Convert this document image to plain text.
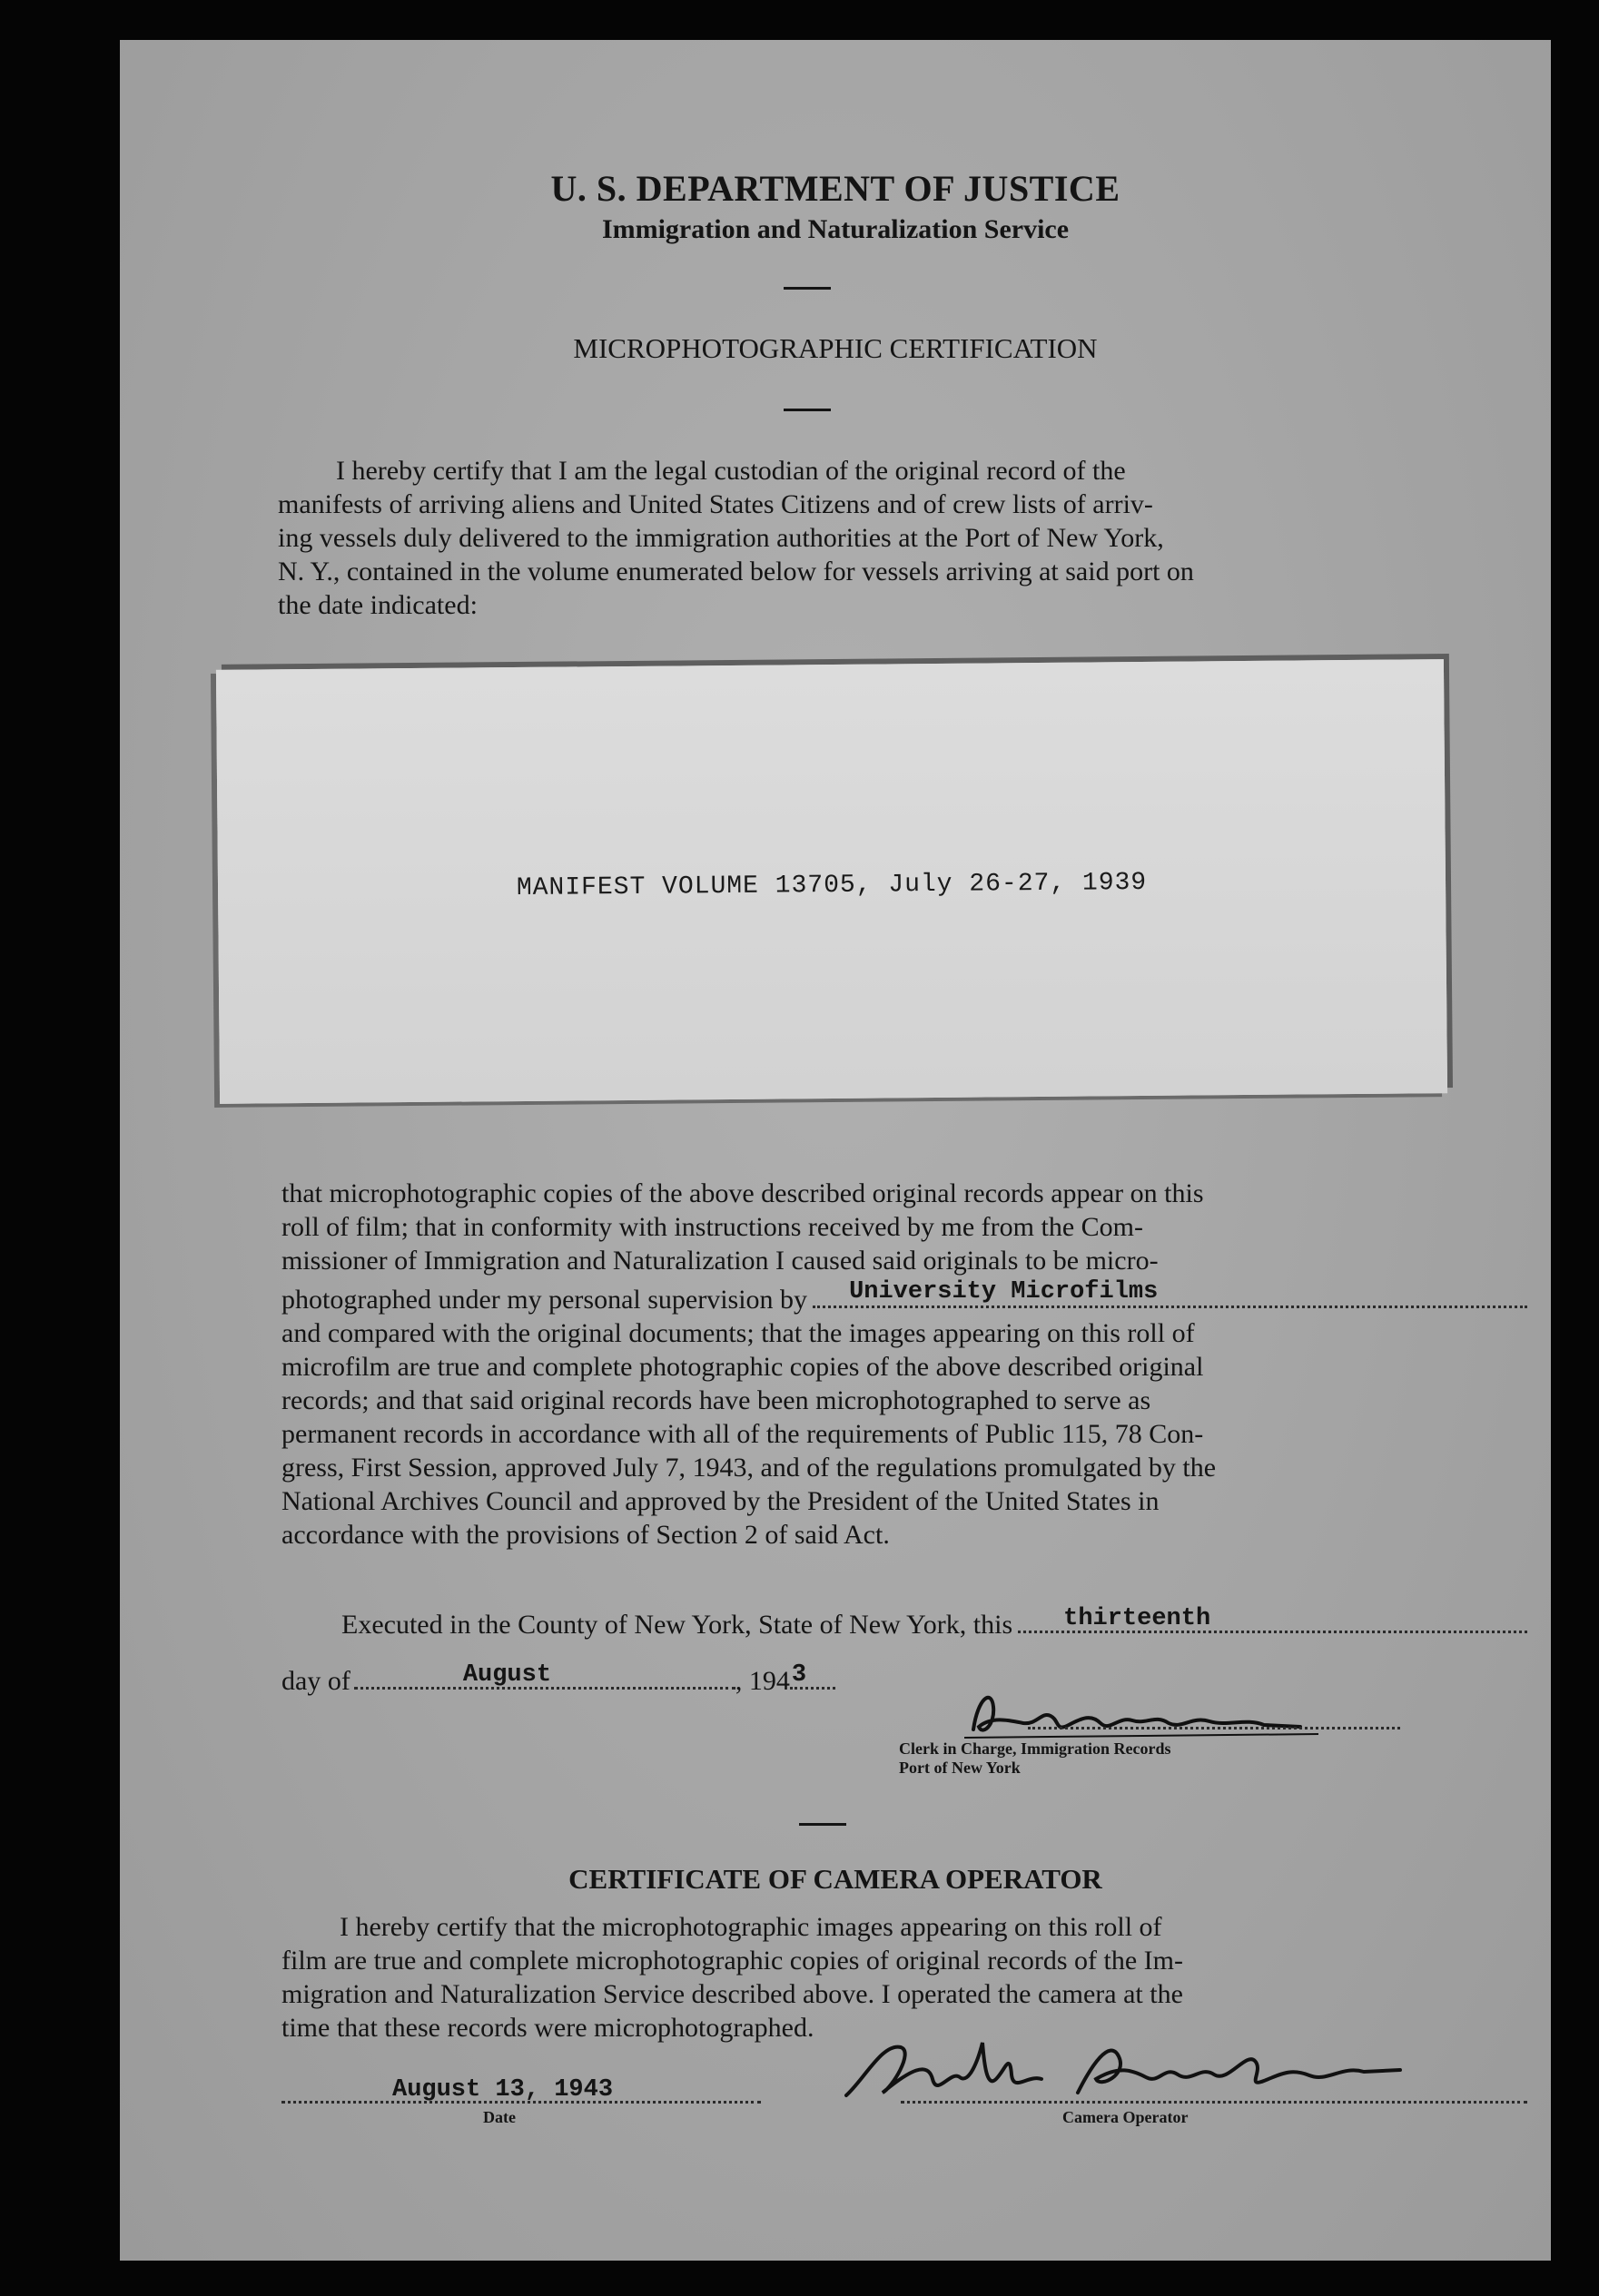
U. S. DEPARTMENT OF JUSTICE
Immigration and Naturalization Service
MICROPHOTOGRAPHIC CERTIFICATION
I hereby certify that I am the legal custodian of the original record of the
manifests of arriving aliens and United States Citizens and of crew lists of arriv-
ing vessels duly delivered to the immigration authorities at the Port of New York,
N. Y., contained in the volume enumerated below for vessels arriving at said port on
the date indicated:
MANIFEST VOLUME 13705, July 26-27, 1939
that microphotographic copies of the above described original records appear on this
roll of film; that in conformity with instructions received by me from the Com-
missioner of Immigration and Naturalization I caused said originals to be micro-
photographed under my personal supervision by University Microfilms
and compared with the original documents; that the images appearing on this roll of
microfilm are true and complete photographic copies of the above described original
records; and that said original records have been microphotographed to serve as
permanent records in accordance with all of the requirements of Public 115, 78 Con-
gress, First Session, approved July 7, 1943, and of the regulations promulgated by the
National Archives Council and approved by the President of the United States in
accordance with the provisions of Section 2 of said Act.
Executed in the County of New York, State of New York, this thirteenth
day of	August	, 194 3
Clerk in Charge, Immigration Records
Port of New York
CERTIFICATE OF CAMERA OPERATOR
I hereby certify that the microphotographic images appearing on this roll of
film are true and complete microphotographic copies of original records of the Im-
migration and Naturalization Service described above. I operated the camera at the
time that these records were microphotographed.
August 13, 1943
Date	Camera Operator
